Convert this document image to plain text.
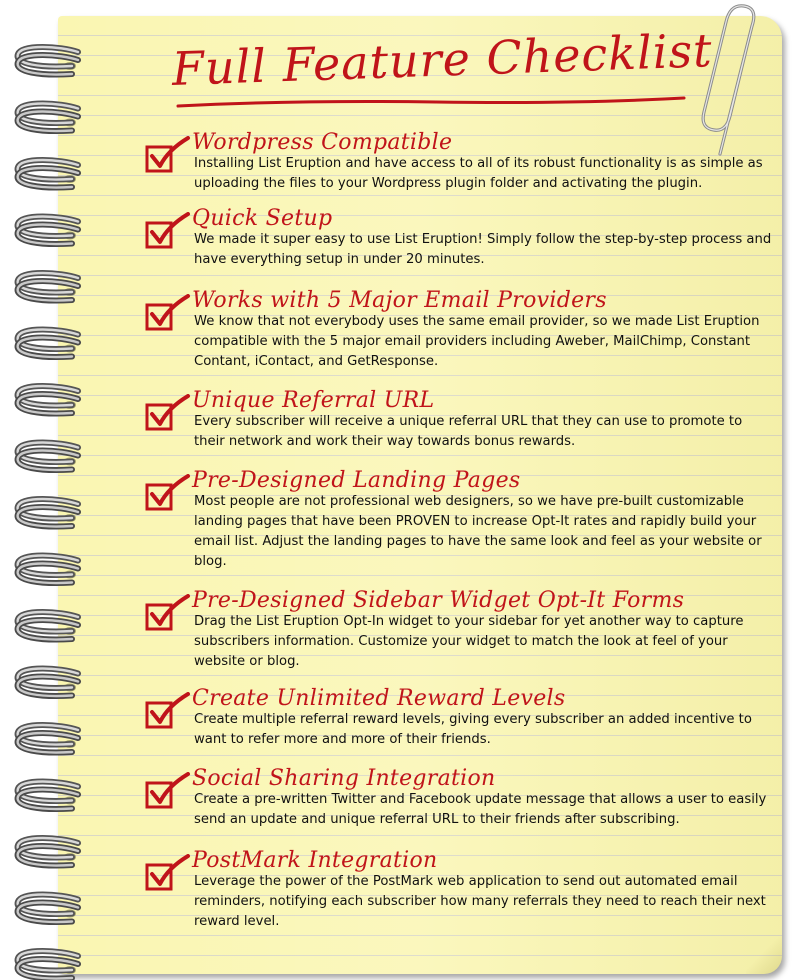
Full Feature Checklist
Wordpress Compatible
Installing List Eruption and have access to all of its robust functionality is as simple as uploading the files to your Wordpress plugin folder and activating the plugin.
Quick Setup
We made it super easy to use List Eruption! Simply follow the step-by-step process and have everything setup in under 20 minutes.
Works with 5 Major Email Providers
We know that not everybody uses the same email provider, so we made List Eruption compatible with the 5 major email providers including Aweber, MailChimp, Constant Contant, iContact, and GetResponse.
Unique Referral URL
Every subscriber will receive a unique referral URL that they can use to promote to their network and work their way towards bonus rewards.
Pre-Designed Landing Pages
Most people are not professional web designers, so we have pre-built customizable landing pages that have been PROVEN to increase Opt-It rates and rapidly build your email list. Adjust the landing pages to have the same look and feel as your website or blog.
Pre-Designed Sidebar Widget Opt-It Forms
Drag the List Eruption Opt-In widget to your sidebar for yet another way to capture subscribers information. Customize your widget to match the look at feel of your website or blog.
Create Unlimited Reward Levels
Create multiple referral reward levels, giving every subscriber an added incentive to want to refer more and more of their friends.
Social Sharing Integration
Create a pre-written Twitter and Facebook update message that allows a user to easily send an update and unique referral URL to their friends after subscribing.
PostMark Integration
Leverage the power of the PostMark web application to send out automated email reminders, notifying each subscriber how many referrals they need to reach their next reward level.
